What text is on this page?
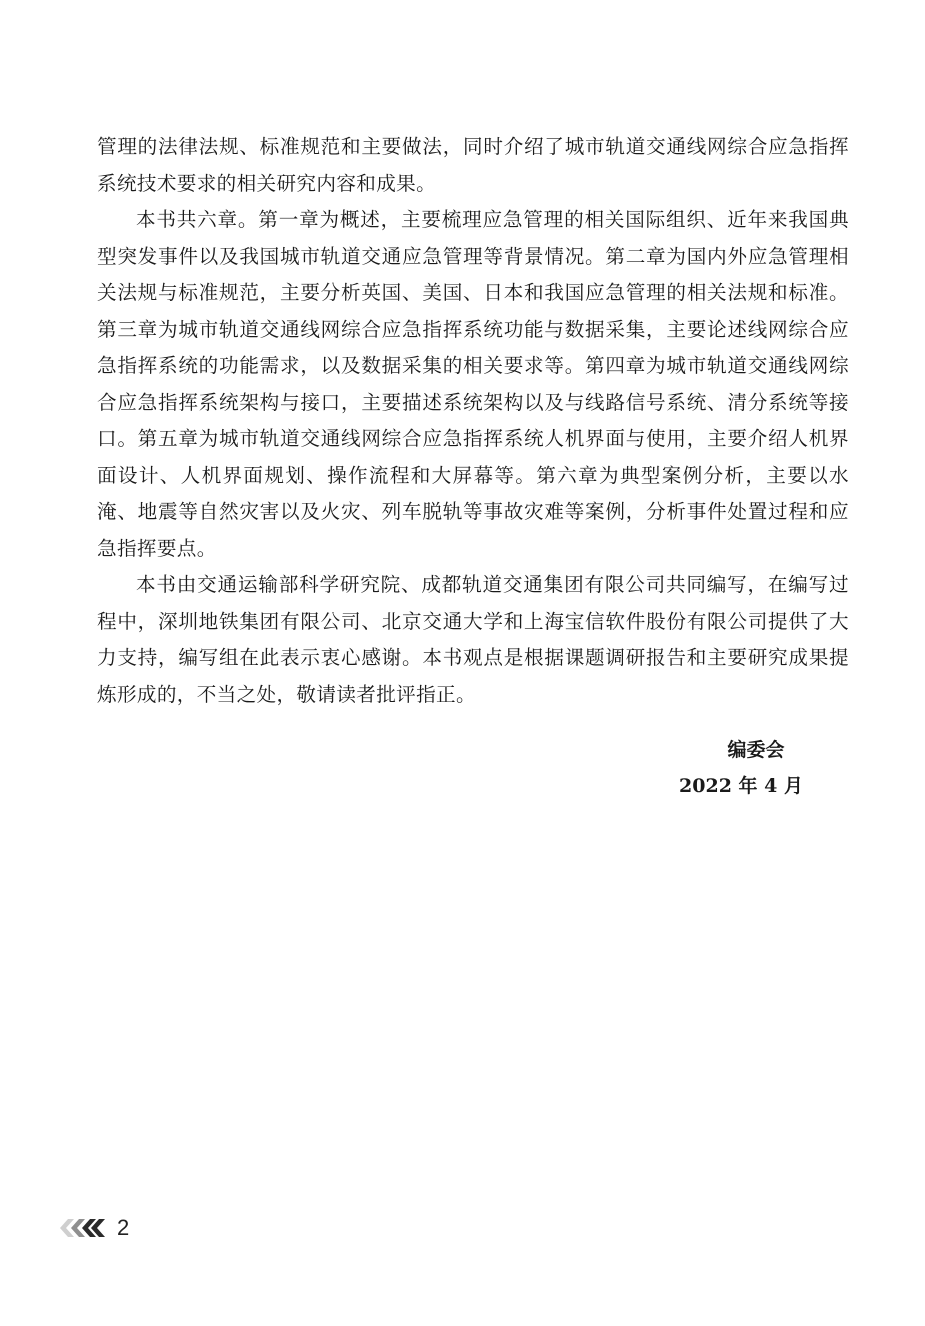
管理的法律法规、标准规范和主要做法，同时介绍了城市轨道交通线网综合应急指挥系统技术要求的相关研究内容和成果。

本书共六章。第一章为概述，主要梳理应急管理的相关国际组织、近年来我国典型突发事件以及我国城市轨道交通应急管理等背景情况。第二章为国内外应急管理相关法规与标准规范，主要分析英国、美国、日本和我国应急管理的相关法规和标准。第三章为城市轨道交通线网综合应急指挥系统功能与数据采集，主要论述线网综合应急指挥系统的功能需求，以及数据采集的相关要求等。第四章为城市轨道交通线网综合应急指挥系统架构与接口，主要描述系统架构以及与线路信号系统、清分系统等接口。第五章为城市轨道交通线网综合应急指挥系统人机界面与使用，主要介绍人机界面设计、人机界面规划、操作流程和大屏幕等。第六章为典型案例分析，主要以水淹、地震等自然灾害以及火灾、列车脱轨等事故灾难等案例，分析事件处置过程和应急指挥要点。

本书由交通运输部科学研究院、成都轨道交通集团有限公司共同编写，在编写过程中，深圳地铁集团有限公司、北京交通大学和上海宝信软件股份有限公司提供了大力支持，编写组在此表示衷心感谢。本书观点是根据课题调研报告和主要研究成果提炼形成的，不当之处，敬请读者批评指正。

编委会
2022 年 4 月
2
